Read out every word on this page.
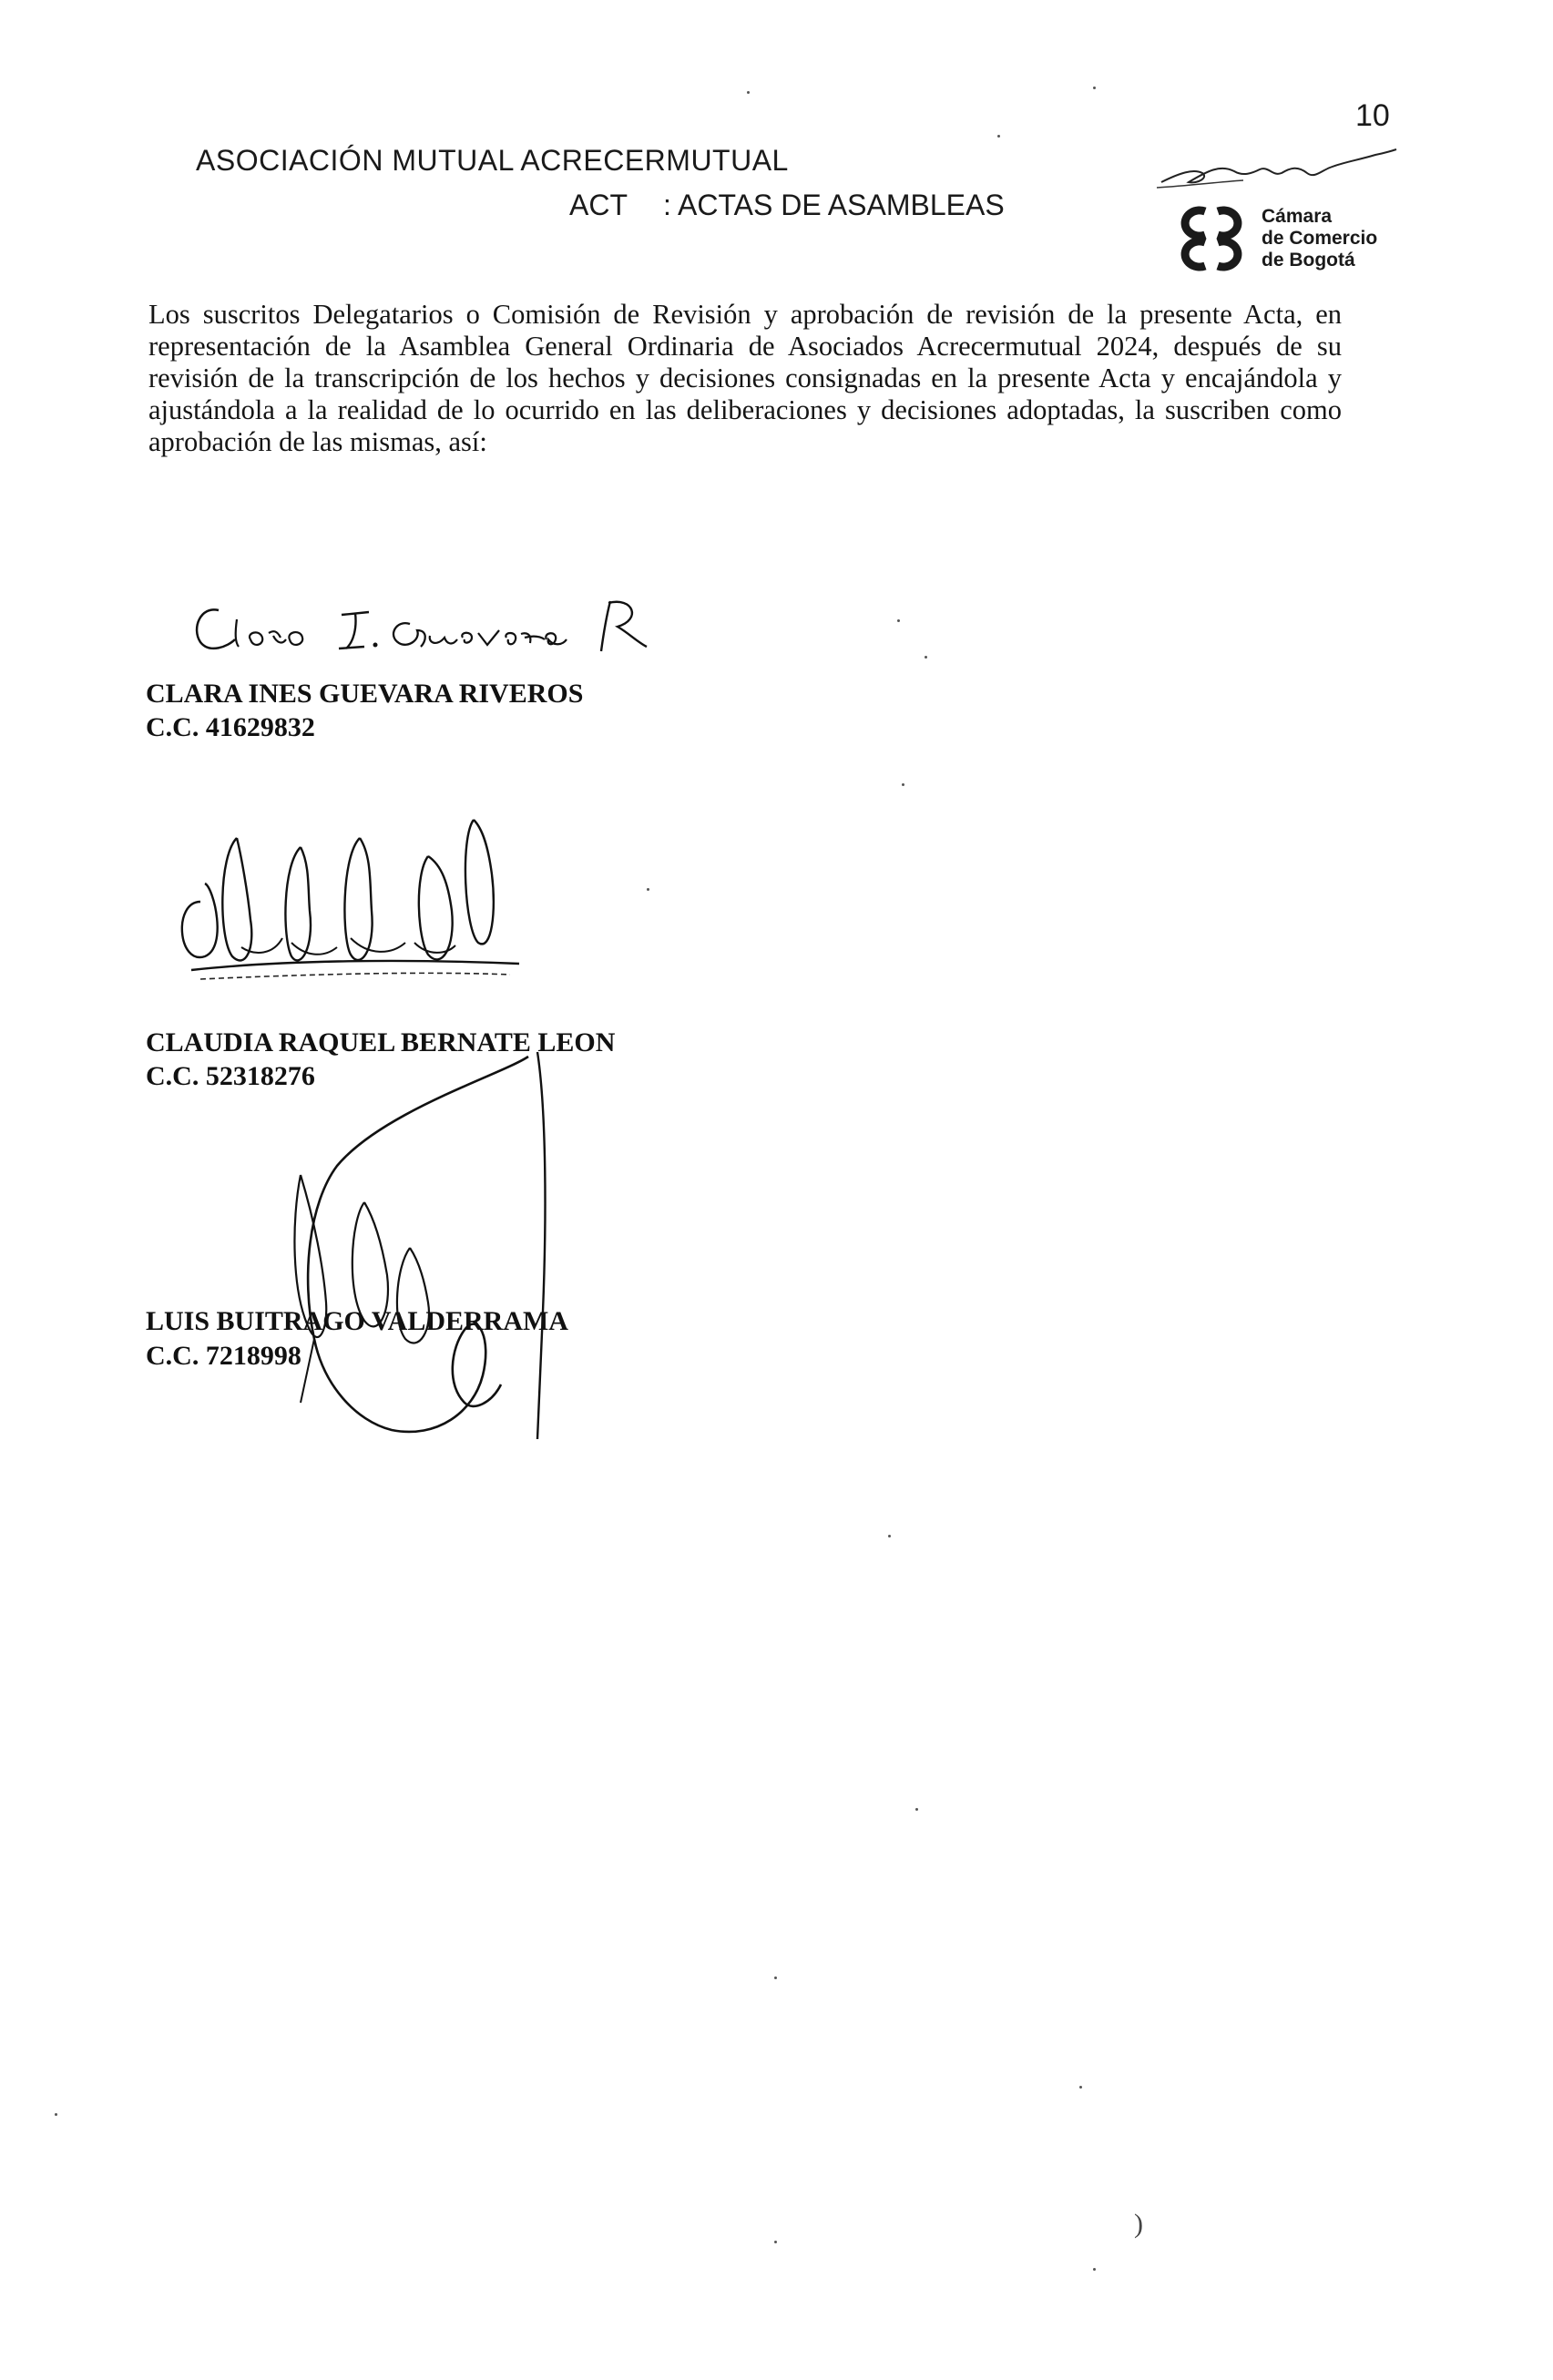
10
ASOCIACIÓN MUTUAL ACRECERMUTUAL
ACT : ACTAS DE ASAMBLEAS	Cámara
de Comercio
de Bogotá

Los suscritos Delegatarios o Comisión de Revisión y aprobación de revisión de la presente Acta, en representación de la Asamblea General Ordinaria de Asociados Acrecermutual 2024, después de su revisión de la transcripción de los hechos y decisiones consignadas en la presente Acta y encajándola y ajustándola a la realidad de lo ocurrido en las deliberaciones y decisiones adoptadas, la suscriben como aprobación de las mismas, así:

CLARA INES GUEVARA RIVEROS
C.C. 41629832
CLAUDIA RAQUEL BERNATE LEON
C.C. 52318276
LUIS BUITRAGO VALDERRAMA
C.C. 7218998
)
